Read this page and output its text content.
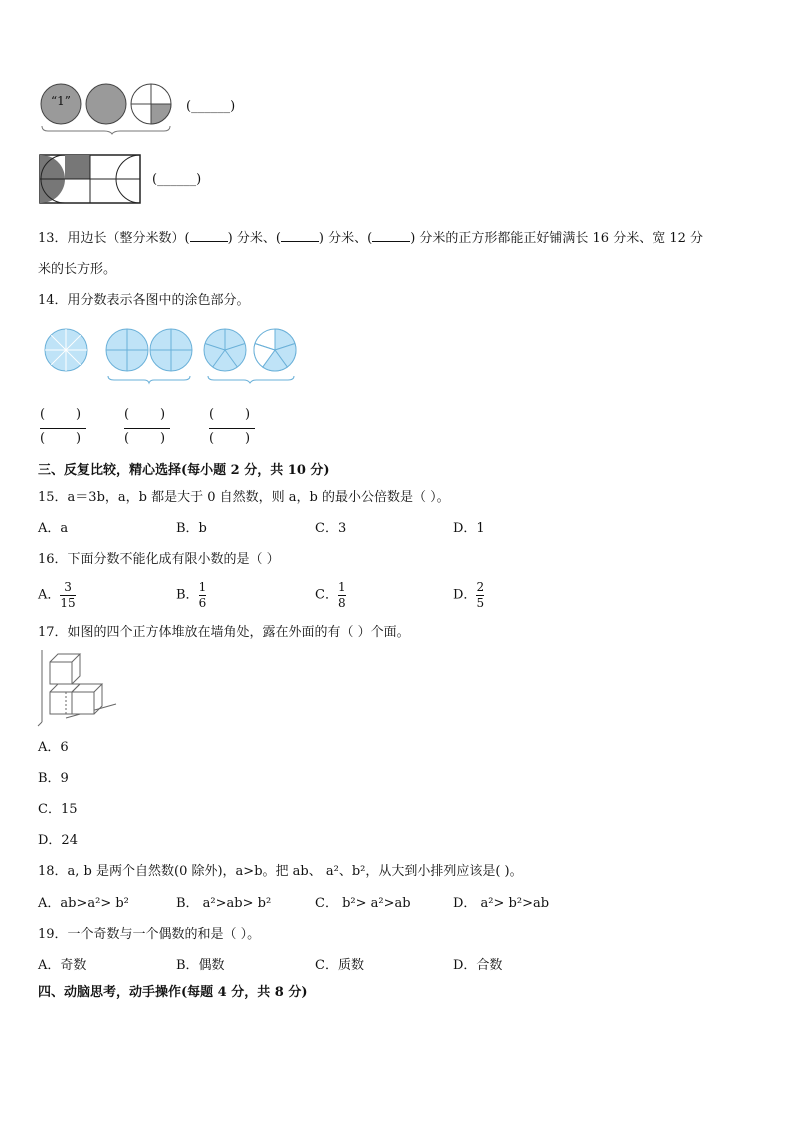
“1”	(______)
(______)
13．用边长（整分米数）(	) 分米、(	) 分米、(	) 分米的正方形都能正好铺满长 16 分米、宽 12 分
米的长方形。
14．用分数表示各图中的涂色部分。
( )
( )
( )
( )
( )
( )
三、反复比较，精心选择(每小题 2 分，共 10 分)
15．a＝3b，a，b 都是大于 0 自然数，则 a，b 的最小公倍数是（ ）。
A．a	B．b	C．3	D．1
16．下面分数不能化成有限小数的是（ ）
A． $\frac{3}{15}$	B． $\frac{1}{6}$	C． $\frac{1}{8}$	D． $\frac{2}{5}$
17．如图的四个正方体堆放在墙角处，露在外面的有（ ）个面。
A．6
B．9
C．15
D．24
18．a, b 是两个自然数(0 除外)，a>b。把 ab、 a²、b²，从大到小排列应该是( )。
A．ab>a²> b²	B． a²>ab> b²	C． b²> a²>ab	D． a²> b²>ab
19．一个奇数与一个偶数的和是（ ）。
A．奇数	B．偶数	C．质数	D．合数
四、动脑思考，动手操作(每题 4 分，共 8 分)
